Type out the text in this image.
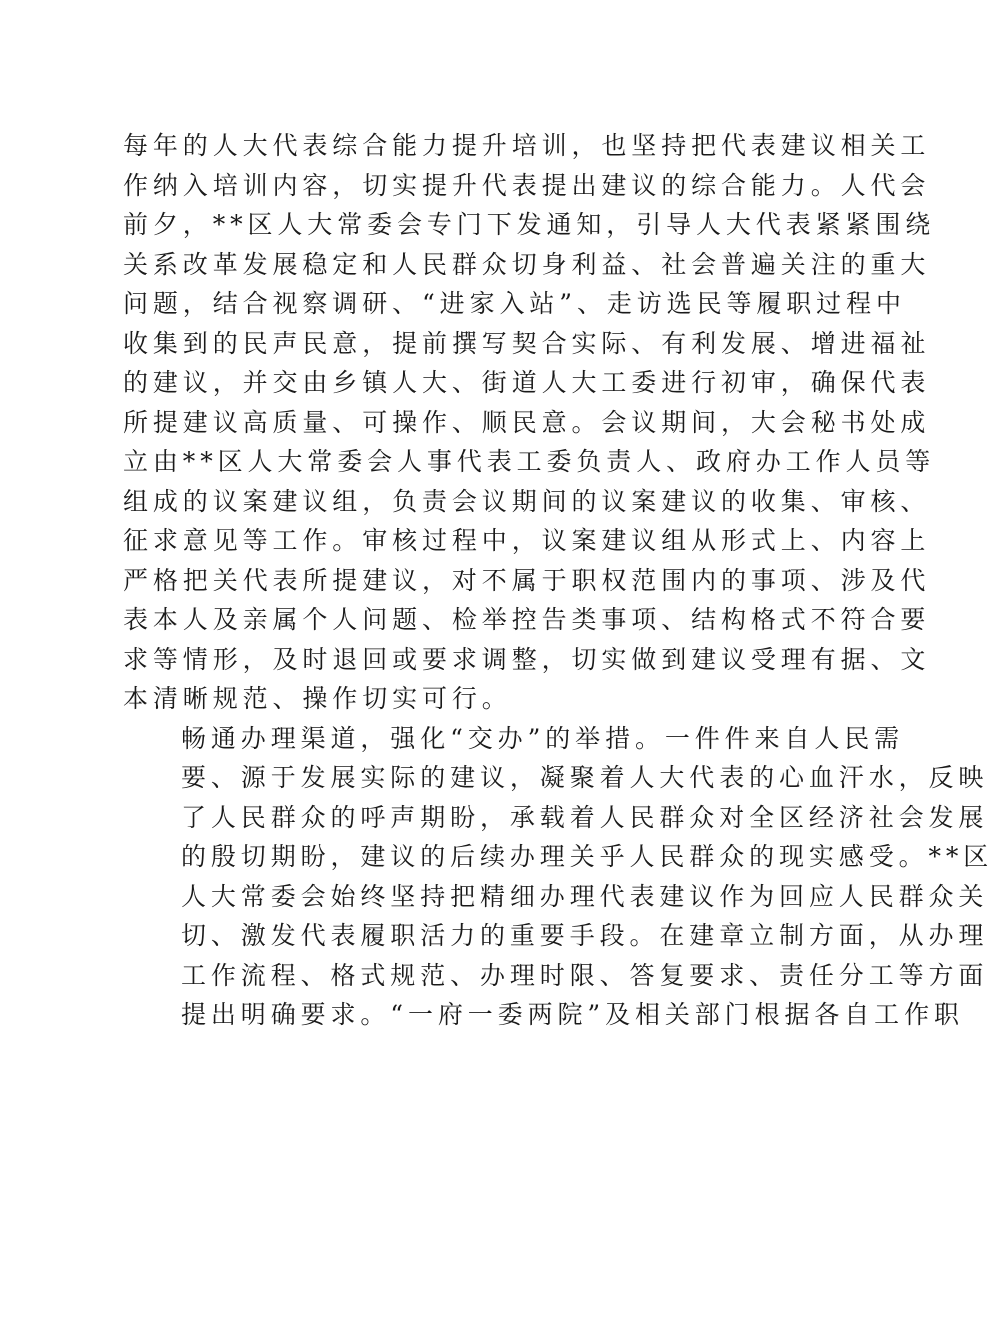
每年的人大代表综合能力提升培训，也坚持把代表建议相关工
作纳入培训内容，切实提升代表提出建议的综合能力。人代会
前夕，**区人大常委会专门下发通知，引导人大代表紧紧围绕
关系改革发展稳定和人民群众切身利益、社会普遍关注的重大
问题，结合视察调研、“进家入站”、走访选民等履职过程中
收集到的民声民意，提前撰写契合实际、有利发展、增进福祉
的建议，并交由乡镇人大、街道人大工委进行初审，确保代表
所提建议高质量、可操作、顺民意。会议期间，大会秘书处成
立由**区人大常委会人事代表工委负责人、政府办工作人员等
组成的议案建议组，负责会议期间的议案建议的收集、审核、
征求意见等工作。审核过程中，议案建议组从形式上、内容上
严格把关代表所提建议，对不属于职权范围内的事项、涉及代
表本人及亲属个人问题、检举控告类事项、结构格式不符合要
求等情形，及时退回或要求调整，切实做到建议受理有据、文
本清晰规范、操作切实可行。
畅通办理渠道，强化“交办”的举措。一件件来自人民需
要、源于发展实际的建议，凝聚着人大代表的心血汗水，反映
了人民群众的呼声期盼，承载着人民群众对全区经济社会发展
的殷切期盼，建议的后续办理关乎人民群众的现实感受。**区
人大常委会始终坚持把精细办理代表建议作为回应人民群众关
切、激发代表履职活力的重要手段。在建章立制方面，从办理
工作流程、格式规范、办理时限、答复要求、责任分工等方面
提出明确要求。“一府一委两院”及相关部门根据各自工作职
